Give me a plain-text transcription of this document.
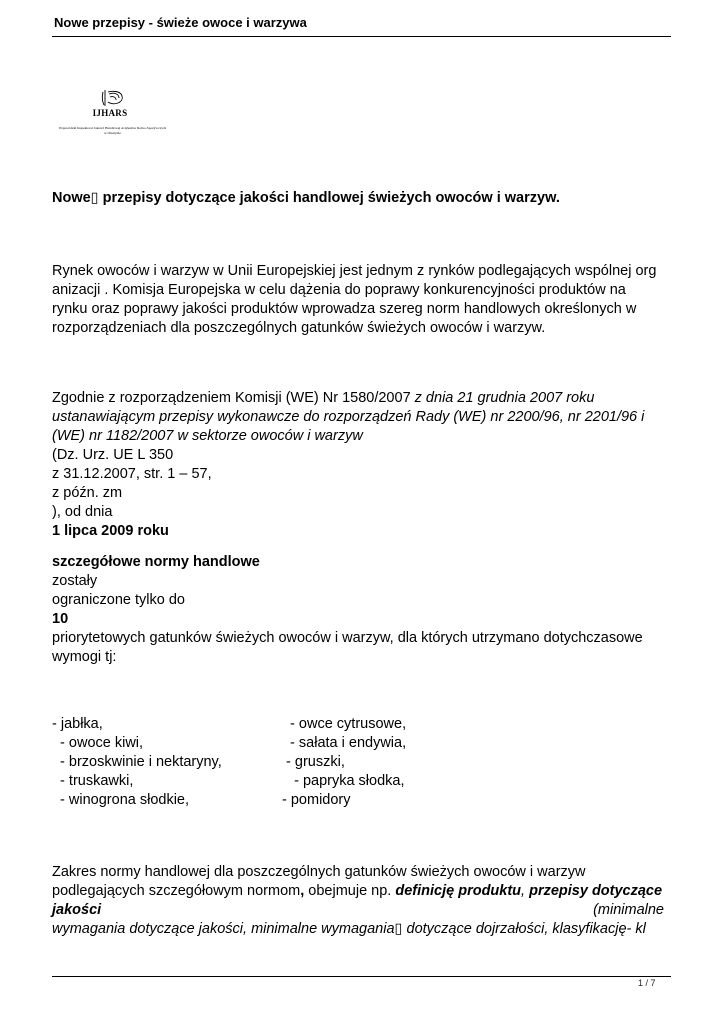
Nowe przepisy - świeże owoce i warzywa
IJHARS
Wojewódzki Inspektorat Jakości Handlowej Artykułów Rolno-Spożywczych
w Olsztynie
Nowe▯ przepisy dotyczące jakości handlowej świeżych owoców i warzyw.
Rynek owoców i warzyw w Unii Europejskiej jest jednym z rynków podlegających wspólnej org
anizacji . Komisja Europejska w celu dążenia do poprawy konkurencyjności produktów na
rynku oraz poprawy jakości produktów wprowadza szereg norm handlowych określonych w
rozporządzeniach dla poszczególnych gatunków świeżych owoców i warzyw.
Zgodnie z rozporządzeniem Komisji (WE) Nr 1580/2007 z dnia 21 grudnia 2007 roku
ustanawiającym przepisy wykonawcze do rozporządzeń Rady (WE) nr 2200/96, nr 2201/96 i
(WE) nr 1182/2007 w sektorze owoców i warzyw
(Dz. Urz. UE L 350
z 31.12.2007, str. 1 – 57,
z późn. zm
), od dnia
1 lipca 2009 roku
szczegółowe normy handlowe
zostały
ograniczone tylko do
10
priorytetowych gatunków świeżych owoców i warzyw, dla których utrzymano dotychczasowe
wymogi tj:
- jabłka,
- owoce kiwi,
- brzoskwinie i nektaryny,
- truskawki,
- winogrona słodkie,
- owce cytrusowe,
- sałata i endywia,
- gruszki,
- papryka słodka,
- pomidory
Zakres normy handlowej dla poszczególnych gatunków świeżych owoców i warzyw
podlegających szczegółowym normom, obejmuje np. definicję produktu, przepisy dotyczące
jakości	(minimalne
wymagania dotyczące jakości, minimalne wymagania▯ dotyczące dojrzałości, klasyfikację- kl
1 / 7
